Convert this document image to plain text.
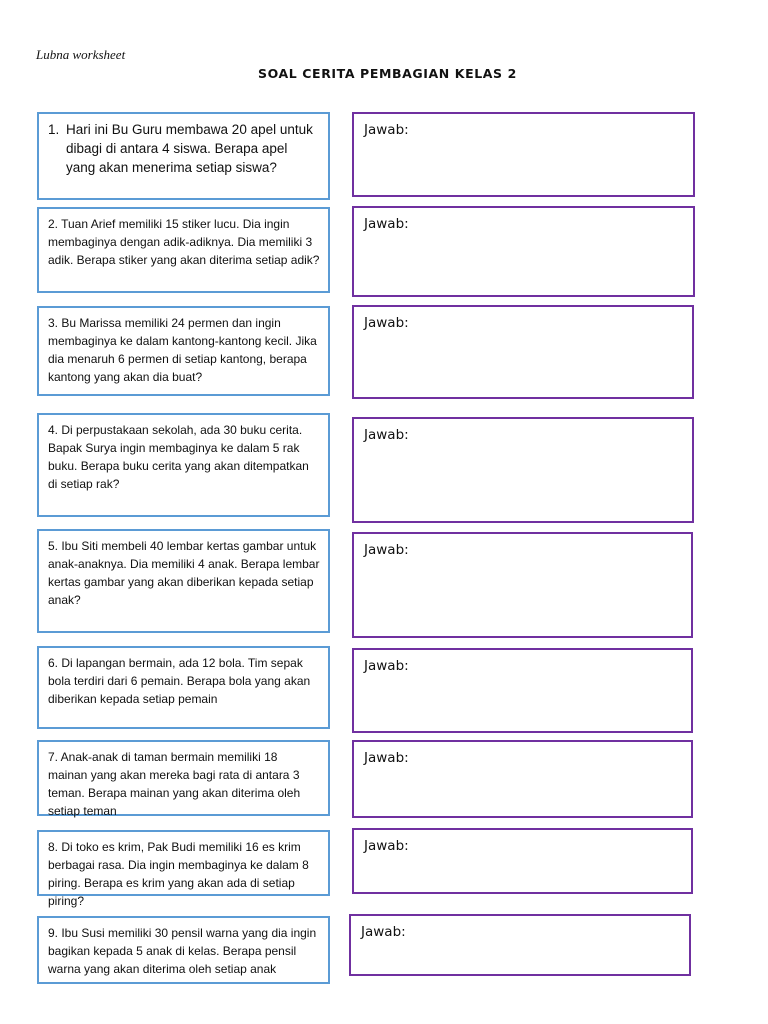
Lubna worksheet
SOAL CERITA PEMBAGIAN KELAS 2
1. Hari ini Bu Guru membawa 20 apel untuk dibagi di antara 4 siswa. Berapa apel yang akan menerima setiap siswa?
Jawab:
2. Tuan Arief memiliki 15 stiker lucu. Dia ingin membaginya dengan adik-adiknya. Dia memiliki 3 adik. Berapa stiker yang akan diterima setiap adik?
Jawab:
3. Bu Marissa memiliki 24 permen dan ingin membaginya ke dalam kantong-kantong kecil. Jika dia menaruh 6 permen di setiap kantong, berapa kantong yang akan dia buat?
Jawab:
4. Di perpustakaan sekolah, ada 30 buku cerita. Bapak Surya ingin membaginya ke dalam 5 rak buku. Berapa buku cerita yang akan ditempatkan di setiap rak?
Jawab:
5. Ibu Siti membeli 40 lembar kertas gambar untuk anak-anaknya. Dia memiliki 4 anak. Berapa lembar kertas gambar yang akan diberikan kepada setiap anak?
Jawab:
6. Di lapangan bermain, ada 12 bola. Tim sepak bola terdiri dari 6 pemain. Berapa bola yang akan diberikan kepada setiap pemain
Jawab:
7. Anak-anak di taman bermain memiliki 18 mainan yang akan mereka bagi rata di antara 3 teman. Berapa mainan yang akan diterima oleh setiap teman
Jawab:
8. Di toko es krim, Pak Budi memiliki 16 es krim berbagai rasa. Dia ingin membaginya ke dalam 8 piring. Berapa es krim yang akan ada di setiap piring?
Jawab:
9. Ibu Susi memiliki 30 pensil warna yang dia ingin bagikan kepada 5 anak di kelas. Berapa pensil warna yang akan diterima oleh setiap anak
Jawab:
